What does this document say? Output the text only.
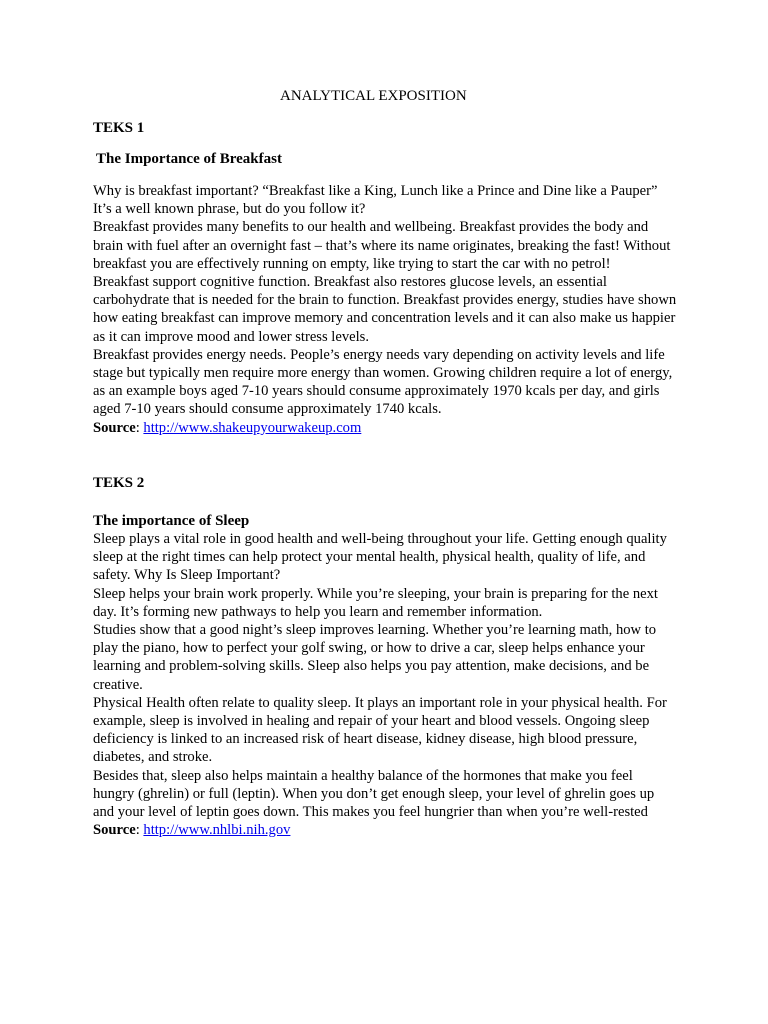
ANALYTICAL EXPOSITION
TEKS 1
The Importance of Breakfast

Why is breakfast important? “Breakfast like a King, Lunch like a Prince and Dine like a Pauper” It’s a well known phrase, but do you follow it?

Breakfast provides many benefits to our health and wellbeing. Breakfast provides the body and brain with fuel after an overnight fast – that’s where its name originates, breaking the fast! Without breakfast you are effectively running on empty, like trying to start the car with no petrol!

Breakfast support cognitive function. Breakfast also restores glucose levels, an essential carbohydrate that is needed for the brain to function. Breakfast provides energy, studies have shown how eating breakfast can improve memory and concentration levels and it can also make us happier as it can improve mood and lower stress levels.

Breakfast provides energy needs. People’s energy needs vary depending on activity levels and life stage but typically men require more energy than women. Growing children require a lot of energy, as an example boys aged 7-10 years should consume approximately 1970 kcals per day, and girls aged 7-10 years should consume approximately 1740 kcals.

Source: http://www.shakeupyourwakeup.com

TEKS 2
The importance of Sleep

Sleep plays a vital role in good health and well-being throughout your life. Getting enough quality sleep at the right times can help protect your mental health, physical health, quality of life, and safety. Why Is Sleep Important?

Sleep helps your brain work properly. While you’re sleeping, your brain is preparing for the next day. It’s forming new pathways to help you learn and remember information.

Studies show that a good night’s sleep improves learning. Whether you’re learning math, how to play the piano, how to perfect your golf swing, or how to drive a car, sleep helps enhance your learning and problem-solving skills. Sleep also helps you pay attention, make decisions, and be creative.

Physical Health often relate to quality sleep. It plays an important role in your physical health. For example, sleep is involved in healing and repair of your heart and blood vessels. Ongoing sleep deficiency is linked to an increased risk of heart disease, kidney disease, high blood pressure, diabetes, and stroke.

Besides that, sleep also helps maintain a healthy balance of the hormones that make you feel hungry (ghrelin) or full (leptin). When you don’t get enough sleep, your level of ghrelin goes up and your level of leptin goes down. This makes you feel hungrier than when you’re well-rested

Source: http://www.nhlbi.nih.gov
